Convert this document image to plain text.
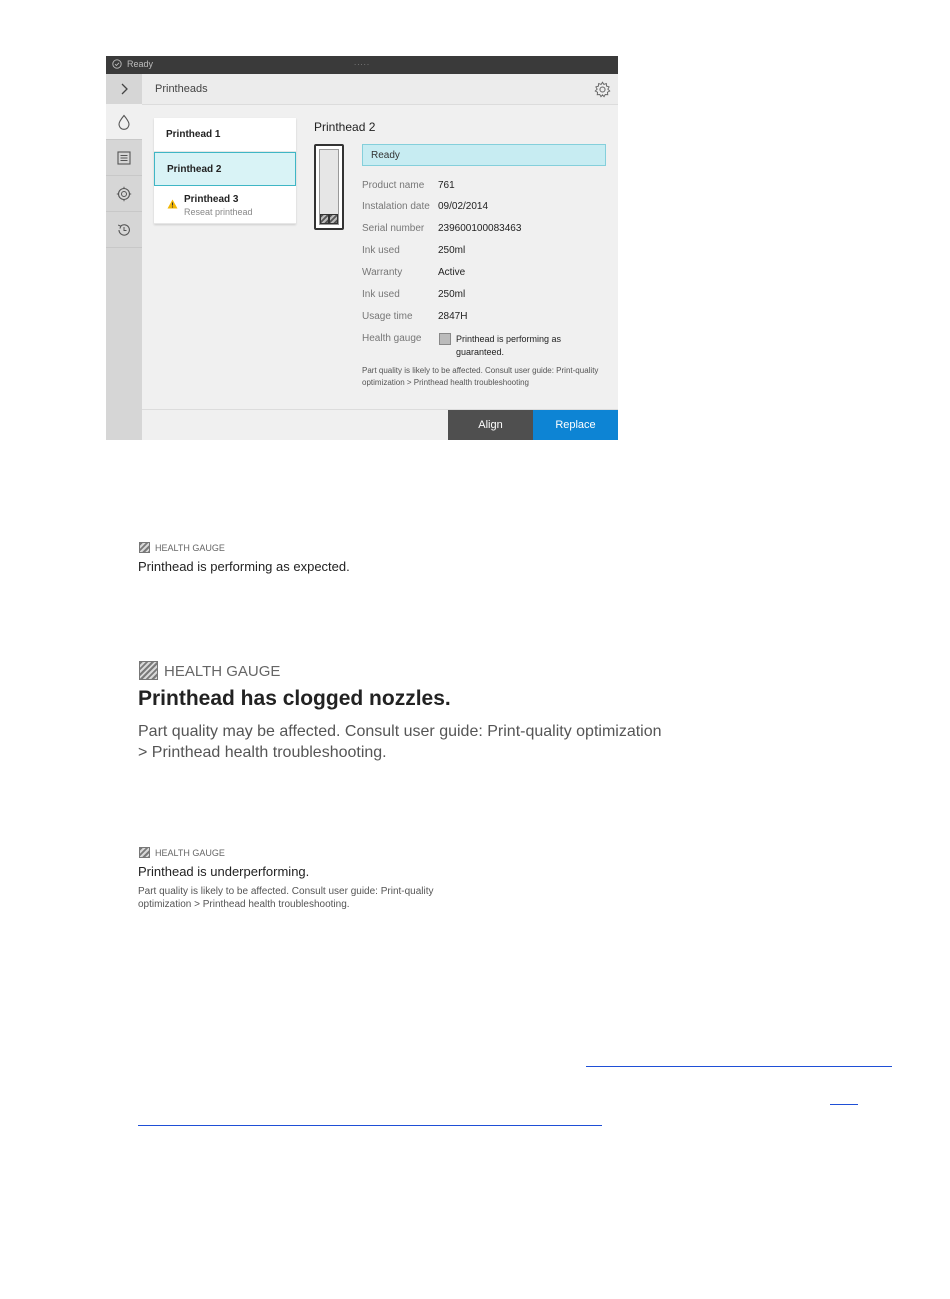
Ready	.....
Printheads
Printhead 1
Printhead 2
Printhead 3
Reseat printhead
Printhead 2
Ready
Product name 761
Instalation date 09/02/2014
Serial number 239600100083463
Ink used	250ml
Warranty	Active
Ink used	250ml
Usage time	2847H
Health gauge	Printhead is performing as guaranteed.
Part quality is likely to be affected. Consult user guide: Print-quality optimization > Printhead health troubleshooting
Align	Replace
HEALTH GAUGE
Printhead is performing as expected.
HEALTH GAUGE
Printhead has clogged nozzles.
Part quality may be affected. Consult user guide: Print-quality optimization > Printhead health troubleshooting.
HEALTH GAUGE
Printhead is underperforming.
Part quality is likely to be affected. Consult user guide: Print-quality optimization > Printhead health troubleshooting.
